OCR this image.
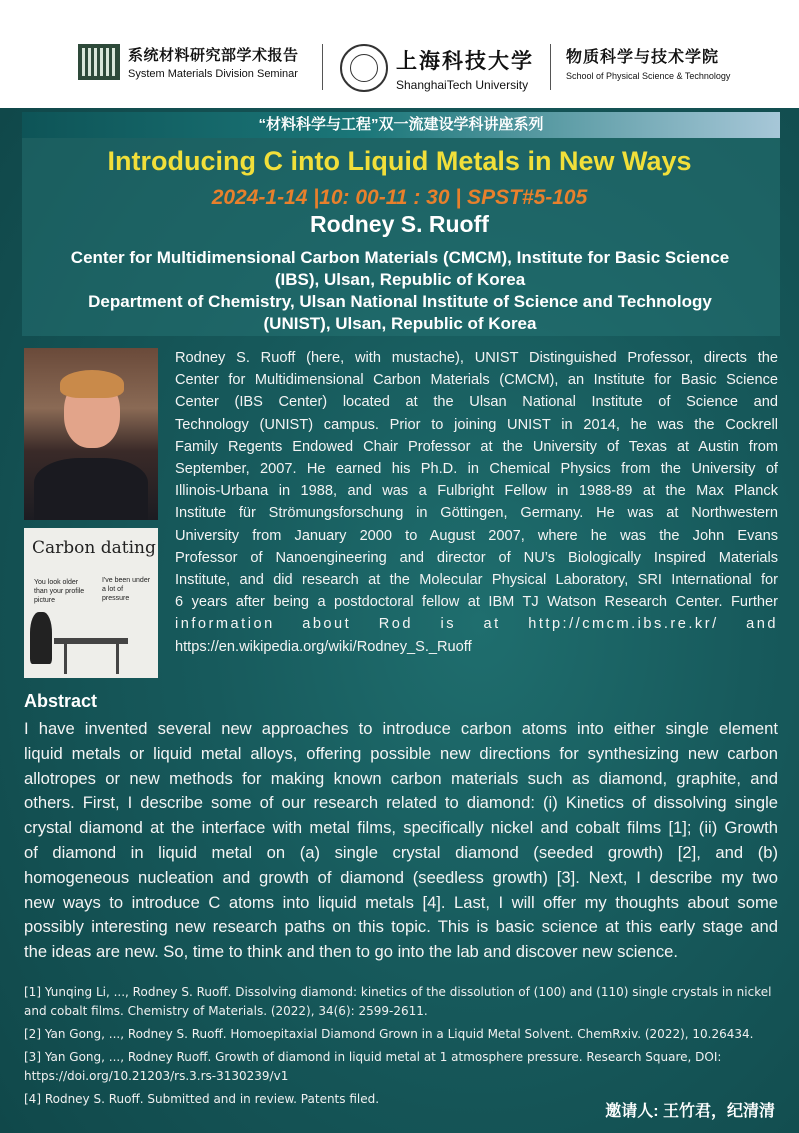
系统材料研究部学术报告
System Materials Division Seminar
上海科技大学
ShanghaiTech University
物质科学与技术学院
School of Physical Science & Technology
“材料科学与工程”双一流建设学科讲座系列
Introducing C into Liquid Metals in New Ways
2024-1-14 |10: 00-11 : 30 | SPST#5-105
Rodney S. Ruoff
Center for Multidimensional Carbon Materials (CMCM), Institute for Basic Science
(IBS), Ulsan, Republic of Korea
Department of Chemistry, Ulsan National Institute of Science and Technology
(UNIST), Ulsan, Republic of Korea
Carbon dating
You look older than your profile picture
I've been under a lot of pressure
Rodney S. Ruoff (here, with mustache), UNIST Distinguished Professor, directs the
Center for Multidimensional Carbon Materials (CMCM), an Institute for Basic Science
Center (IBS Center) located at the Ulsan National Institute of Science and
Technology (UNIST) campus. Prior to joining UNIST in 2014, he was the Cockrell
Family Regents Endowed Chair Professor at the University of Texas at Austin from
September, 2007. He earned his Ph.D. in Chemical Physics from the University of
Illinois-Urbana in 1988, and was a Fulbright Fellow in 1988-89 at the Max Planck
Institute für Strömungsforschung in Göttingen, Germany. He was at Northwestern
University from January 2000 to August 2007, where he was the John Evans
Professor of Nanoengineering and director of NU’s Biologically Inspired Materials
Institute, and did research at the Molecular Physical Laboratory, SRI International for
6 years after being a postdoctoral fellow at IBM TJ Watson Research Center. Further
information about Rod is at http://cmcm.ibs.re.kr/ and
https://en.wikipedia.org/wiki/Rodney_S._Ruoff
Abstract
I have invented several new approaches to introduce carbon atoms into either single element
liquid metals or liquid metal alloys, offering possible new directions for synthesizing new carbon
allotropes or new methods for making known carbon materials such as diamond, graphite, and
others. First, I describe some of our research related to diamond: (i) Kinetics of dissolving single
crystal diamond at the interface with metal films, specifically nickel and cobalt films [1]; (ii) Growth
of diamond in liquid metal on (a) single crystal diamond (seeded growth) [2], and (b)
homogeneous nucleation and growth of diamond (seedless growth) [3]. Next, I describe my two
new ways to introduce C atoms into liquid metals [4]. Last, I will offer my thoughts about some
possibly interesting new research paths on this topic. This is basic science at this early stage and
the ideas are new. So, time to think and then to go into the lab and discover new science.
[1] Yunqing Li, ..., Rodney S. Ruoff. Dissolving diamond: kinetics of the dissolution of (100) and (110) single crystals in nickel
and cobalt films. Chemistry of Materials. (2022), 34(6): 2599-2611.
[2] Yan Gong, ..., Rodney S. Ruoff. Homoepitaxial Diamond Grown in a Liquid Metal Solvent. ChemRxiv. (2022), 10.26434.
[3] Yan Gong, ..., Rodney Ruoff. Growth of diamond in liquid metal at 1 atmosphere pressure. Research Square, DOI:
https://doi.org/10.21203/rs.3.rs-3130239/v1
[4] Rodney S. Ruoff. Submitted and in review. Patents filed.
邀请人: 王竹君，纪清清
